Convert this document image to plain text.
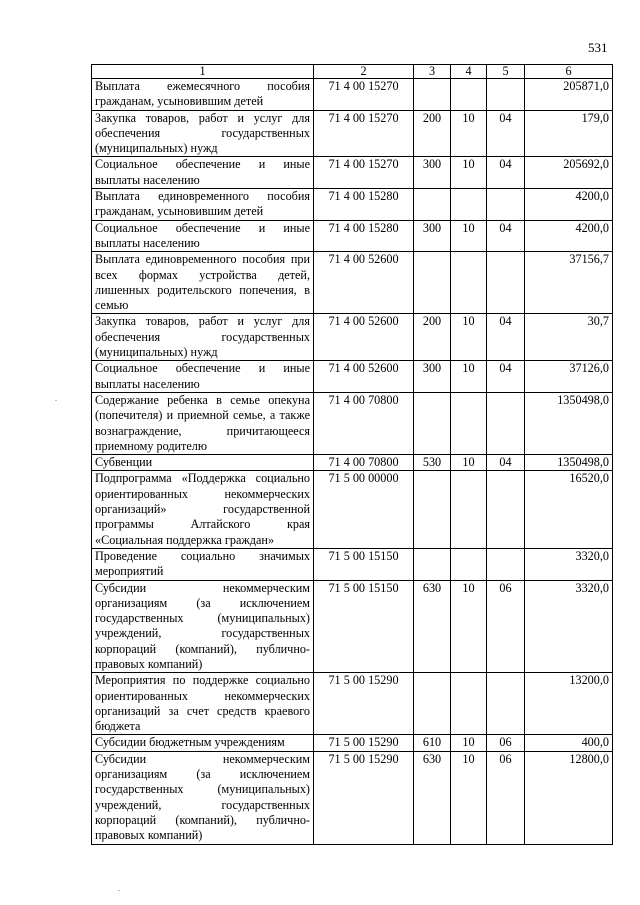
531
1	2	3	4	5	6
Выплата ежемесячного пособия гражданам, усыновившим детей	71 4 00 15270				205871,0
Закупка товаров, работ и услуг для обеспечения государственных (муниципальных) нужд	71 4 00 15270	200	10	04	179,0
Социальное обеспечение и иные выплаты населению	71 4 00 15270	300	10	04	205692,0
Выплата единовременного пособия гражданам, усыновившим детей	71 4 00 15280				4200,0
Социальное обеспечение и иные выплаты населению	71 4 00 15280	300	10	04	4200,0
Выплата единовременного пособия при всех формах устройства детей, лишенных родительского попечения, в семью	71 4 00 52600				37156,7
Закупка товаров, работ и услуг для обеспечения государственных (муниципальных) нужд	71 4 00 52600	200	10	04	30,7
Социальное обеспечение и иные выплаты населению	71 4 00 52600	300	10	04	37126,0
Содержание ребенка в семье опекуна (попечителя) и приемной семье, а также вознаграждение, причитающееся приемному родителю	71 4 00 70800				1350498,0
Субвенции	71 4 00 70800	530	10	04	1350498,0
Подпрограмма «Поддержка социально ориентированных некоммерческих организаций» государственной программы Алтайского края «Социальная поддержка граждан»	71 5 00 00000				16520,0
Проведение социально значимых мероприятий	71 5 00 15150				3320,0
Субсидии некоммерческим организациям (за исключением государственных (муниципальных) учреждений, государственных корпораций (компаний), публично-правовых компаний)	71 5 00 15150	630	10	06	3320,0
Мероприятия по поддержке социально ориентированных некоммерческих организаций за счет средств краевого бюджета	71 5 00 15290				13200,0
Субсидии бюджетным учреждениям	71 5 00 15290	610	10	06	400,0
Субсидии некоммерческим организациям (за исключением государственных (муниципальных) учреждений, государственных корпораций (компаний), публично-правовых компаний)	71 5 00 15290	630	10	06	12800,0
